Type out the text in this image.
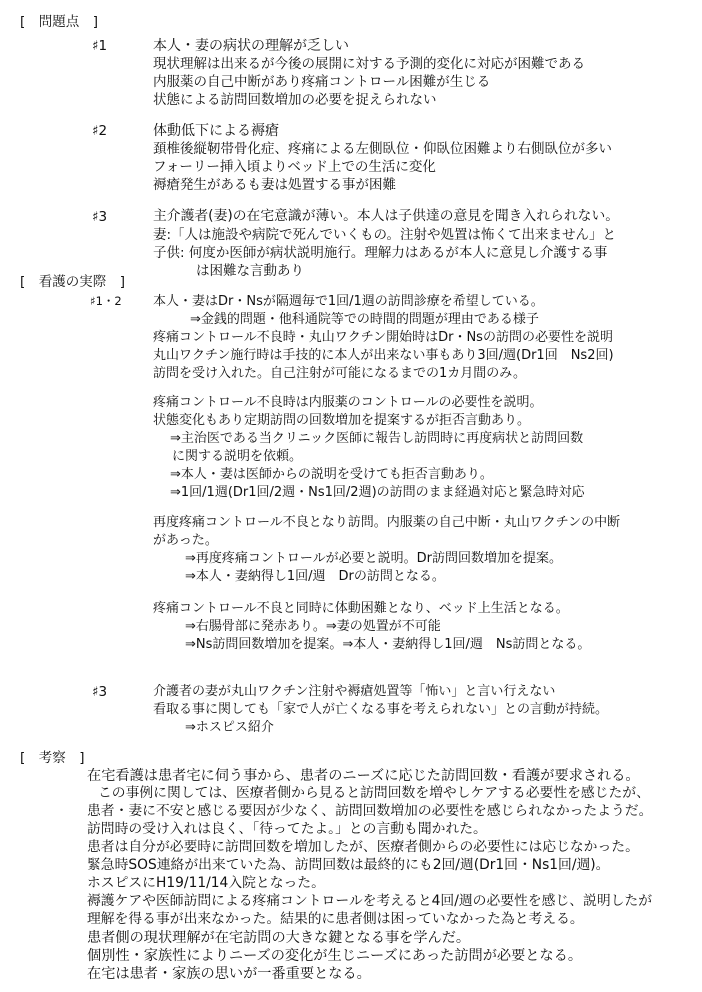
[　問題点　]
♯1	本人・妻の病状の理解が乏しい
現状理解は出来るが今後の展開に対する予測的変化に対応が困難である
内服薬の自己中断があり疼痛コントロール困難が生じる
状態による訪問回数増加の必要を捉えられない
♯2	体動低下による褥瘡
頚椎後縦靭帯骨化症、疼痛による左側臥位・仰臥位困難より右側臥位が多い
フォーリー挿入頃よりベッド上での生活に変化
褥瘡発生があるも妻は処置する事が困難
♯3	主介護者(妻)の在宅意識が薄い。本人は子供達の意見を聞き入れられない。
妻:「人は施設や病院で死んでいくもの。注射や処置は怖くて出来ません」と
子供: 何度か医師が病状説明施行。理解力はあるが本人に意見し介護する事
は困難な言動あり
[　看護の実際　]
♯1・2 本人・妻はDr・Nsが隔週毎で1回/1週の訪問診療を希望している。
⇒金銭的問題・他科通院等での時間的問題が理由である様子
疼痛コントロール不良時・丸山ワクチン開始時はDr・Nsの訪問の必要性を説明
丸山ワクチン施行時は手技的に本人が出来ない事もあり3回/週(Dr1回　Ns2回)
訪問を受け入れた。自己注射が可能になるまでの1カ月間のみ。
疼痛コントロール不良時は内服薬のコントロールの必要性を説明。
状態変化もあり定期訪問の回数増加を提案するが拒否言動あり。
⇒主治医である当クリニック医師に報告し訪問時に再度病状と訪問回数
に関する説明を依頼。
⇒本人・妻は医師からの説明を受けても拒否言動あり。
⇒1回/1週(Dr1回/2週・Ns1回/2週)の訪問のまま経過対応と緊急時対応
再度疼痛コントロール不良となり訪問。内服薬の自己中断・丸山ワクチンの中断
があった。
⇒再度疼痛コントロールが必要と説明。Dr訪問回数増加を提案。
⇒本人・妻納得し1回/週　Drの訪問となる。
疼痛コントロール不良と同時に体動困難となり、ベッド上生活となる。
⇒右腸骨部に発赤あり。⇒妻の処置が不可能
⇒Ns訪問回数増加を提案。⇒本人・妻納得し1回/週　Ns訪問となる。
♯3	介護者の妻が丸山ワクチン注射や褥瘡処置等「怖い」と言い行えない
看取る事に関しても「家で人が亡くなる事を考えられない」との言動が持続。
⇒ホスピス紹介
[　考察　]
在宅看護は患者宅に伺う事から、患者のニーズに応じた訪問回数・看護が要求される。
この事例に関しては、医療者側から見ると訪問回数を増やしケアする必要性を感じたが、
患者・妻に不安と感じる要因が少なく、訪問回数増加の必要性を感じられなかったようだ。
訪問時の受け入れは良く、「待ってたよ。」との言動も聞かれた。
患者は自分が必要時に訪問回数を増加したが、医療者側からの必要性には応じなかった。
緊急時SOS連絡が出来ていた為、訪問回数は最終的にも2回/週(Dr1回・Ns1回/週)。
ホスピスにH19/11/14入院となった。
褥護ケアや医師訪問による疼痛コントロールを考えると4回/週の必要性を感じ、説明したが
理解を得る事が出来なかった。結果的に患者側は困っていなかった為と考える。
患者側の現状理解が在宅訪問の大きな鍵となる事を学んだ。
個別性・家族性によりニーズの変化が生じニーズにあった訪問が必要となる。
在宅は患者・家族の思いが一番重要となる。
